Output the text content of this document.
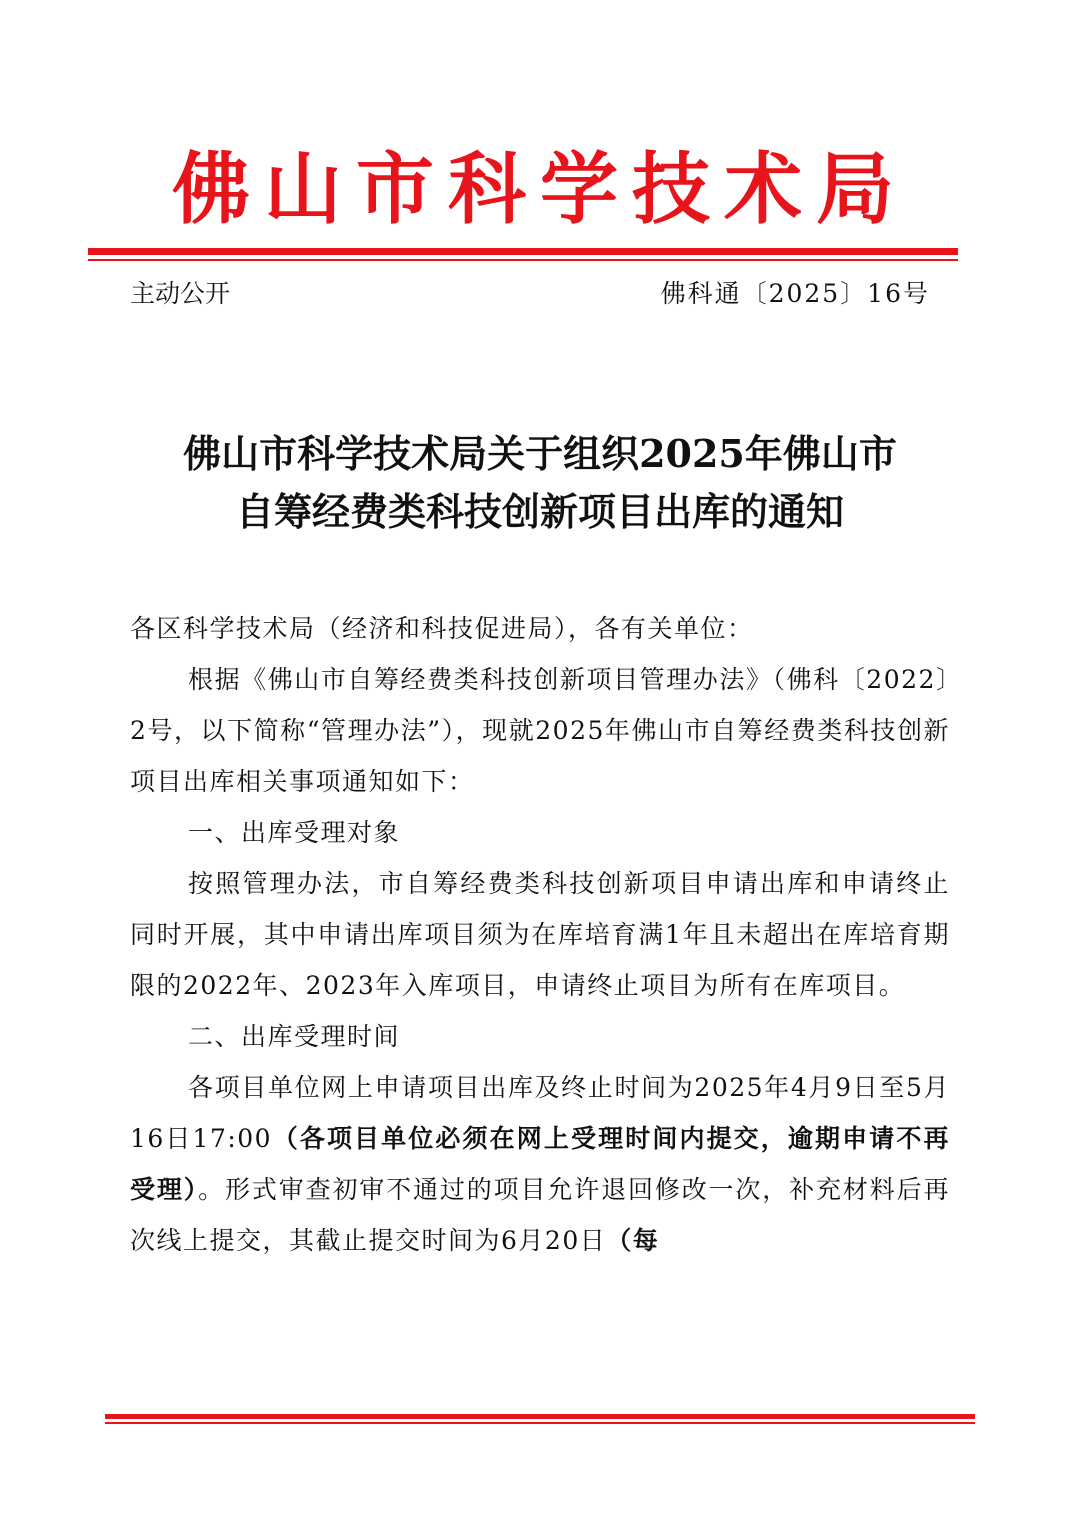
佛山市科学技术局
主动公开	佛科通〔2025〕16号
佛山市科学技术局关于组织2025年佛山市
自筹经费类科技创新项目出库的通知

各区科学技术局（经济和科技促进局），各有关单位：

根据《佛山市自筹经费类科技创新项目管理办法》（佛科〔2022〕2号，以下简称“管理办法”），现就2025年佛山市自筹经费类科技创新项目出库相关事项通知如下：

一、出库受理对象

按照管理办法，市自筹经费类科技创新项目申请出库和申请终止同时开展，其中申请出库项目须为在库培育满1年且未超出在库培育期限的2022年、2023年入库项目，申请终止项目为所有在库项目。

二、出库受理时间

各项目单位网上申请项目出库及终止时间为2025年4月9日至5月16日17:00（各项目单位必须在网上受理时间内提交，逾期申请不再受理）。形式审查初审不通过的项目允许退回修改一次，补充材料后再次线上提交，其截止提交时间为6月20日（每
